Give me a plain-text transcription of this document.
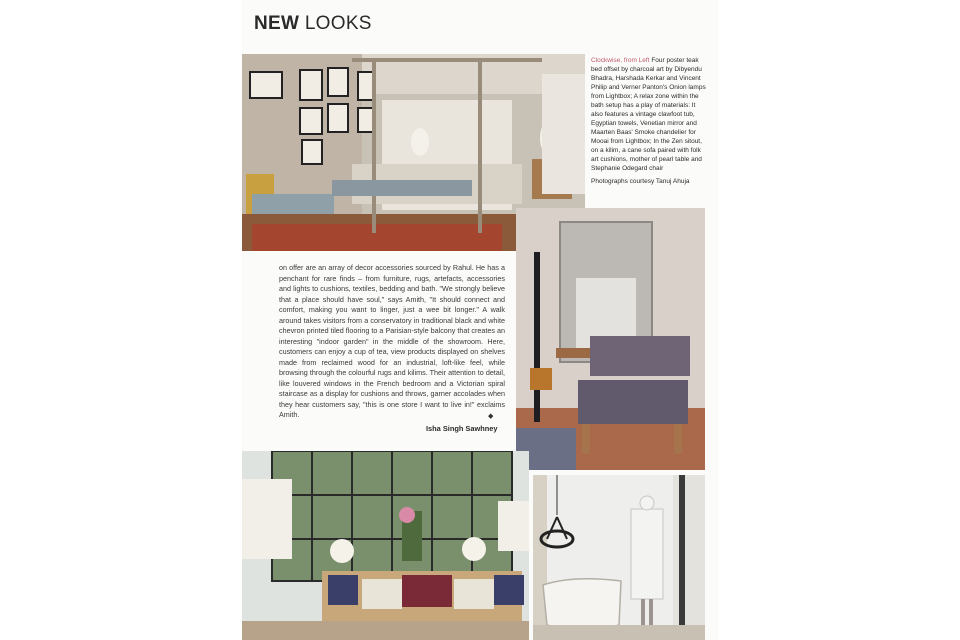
NEW LOOKS
Clockwise, from Left Four poster teak bed offset by charcoal art by Dibyendu Bhadra, Harshada Kerkar and Vincent Philip and Verner Panton's Onion lamps from Lightbox; A relax zone within the bath setup has a play of materials: It also features a vintage clawfoot tub, Egyptian towels, Venetian mirror and Maarten Baas' Smoke chandelier for Mooai from Lightbox; In the Zen sitout, on a kilim, a cane sofa paired with folk art cushions, mother of pearl table and Stephanie Odegard chair
Photographs courtesy Tanuj Ahuja

on offer are an array of decor accessories sourced by Rahul. He has a penchant for rare finds – from furniture, rugs, artefacts, accessories and lights to cushions, textiles, bedding and bath. "We strongly believe that a place should have soul," says Amith, "It should connect and comfort, making you want to linger, just a wee bit longer." A walk around takes visitors from a conservatory in traditional black and white chevron printed tiled flooring to a Parisian-style balcony that creates an interesting "indoor garden" in the middle of the showroom. Here, customers can enjoy a cup of tea, view products displayed on shelves made from reclaimed wood for an industrial, loft-like feel, while browsing through the colourful rugs and kilims. Their attention to detail, like louvered windows in the French bedroom and a Victorian spiral staircase as a display for cushions and throws, garner accolades when they hear customers say, "this is one store I want to live in!" exclaims Amith.	◆
Isha Singh Sawhney
